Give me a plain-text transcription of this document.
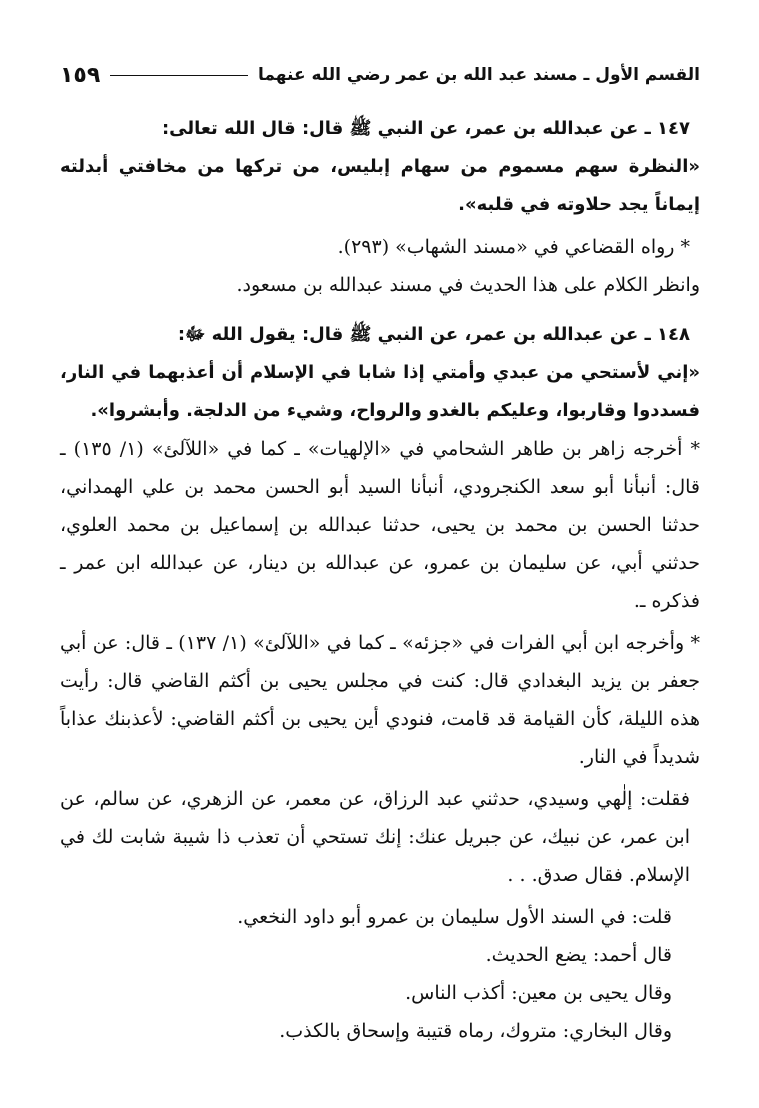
القسم الأول ـ مسند عبد الله بن عمر رضي الله عنهما
١٥٩

١٤٧ ـ عن عبدالله بن عمر، عن النبي ﷺ قال: قال الله تعالى:

«النظرة سهم مسموم من سهام إبليس، من تركها من مخافتي أبدلته إيماناً يجد حلاوته في قلبه».

* رواه القضاعي في «مسند الشهاب» (٢٩٣).

وانظر الكلام على هذا الحديث في مسند عبدالله بن مسعود.

١٤٨ ـ عن عبدالله بن عمر، عن النبي ﷺ قال: يقول الله ﷻ:

«إني لأستحي من عبدي وأمتي إذا شابا في الإسلام أن أعذبهما في النار، فسددوا وقاربوا، وعليكم بالغدو والرواح، وشيء من الدلجة. وأبشروا».

* أخرجه زاهر بن طاهر الشحامي في «الإلهيات» ـ كما في «اللآلئ» (١/ ١٣٥) ـ قال: أنبأنا أبو سعد الكنجرودي، أنبأنا السيد أبو الحسن محمد بن علي الهمداني، حدثنا الحسن بن محمد بن يحيى، حدثنا عبدالله بن إسماعيل بن محمد العلوي، حدثني أبي، عن سليمان بن عمرو، عن عبدالله بن دينار، عن عبدالله ابن عمر ـ فذكره ـ.

* وأخرجه ابن أبي الفرات في «جزئه» ـ كما في «اللآلئ» (١/ ١٣٧) ـ قال: عن أبي جعفر بن يزيد البغدادي قال: كنت في مجلس يحيى بن أكثم القاضي قال: رأيت هذه الليلة، كأن القيامة قد قامت، فنودي أين يحيى بن أكثم القاضي: لأعذبنك عذاباً شديداً في النار.

فقلت: إلٰهي وسيدي، حدثني عبد الرزاق، عن معمر، عن الزهري، عن سالم، عن ابن عمر، عن نبيك، عن جبريل عنك: إنك تستحي أن تعذب ذا شيبة شابت لك في الإسلام. فقال صدق. . .

قلت: في السند الأول سليمان بن عمرو أبو داود النخعي.

قال أحمد: يضع الحديث.

وقال يحيى بن معين: أكذب الناس.

وقال البخاري: متروك، رماه قتيبة وإسحاق بالكذب.
